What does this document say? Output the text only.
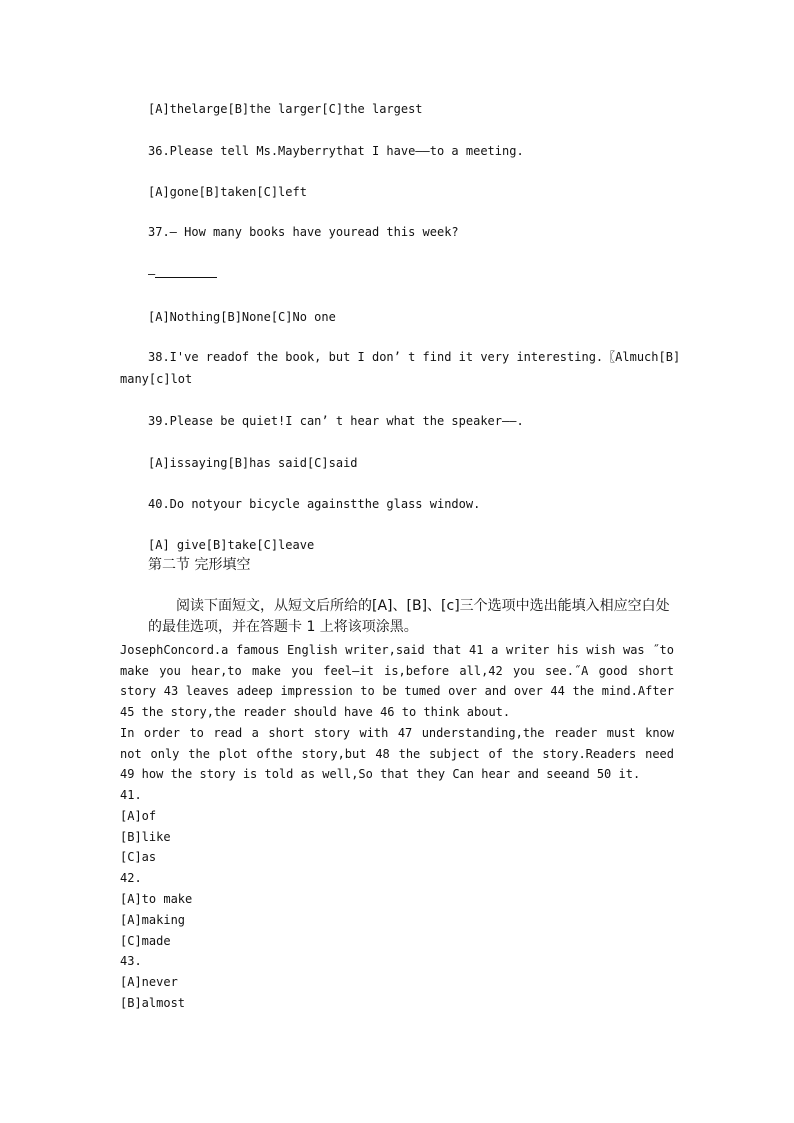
[A]thelarge[B]the larger[C]the largest
36.Please tell Ms.Mayberrythat I have——to a meeting.
[A]gone[B]taken[C]left
37.— How many books have youread this week?
—
[A]Nothing[B]None[C]No one
38.I've readof the book, but I don’ t find it very interesting.〖Almuch[B]
many[c]lot
39.Please be quiet!I can’ t hear what the speaker——.
[A]issaying[B]has said[C]said
40.Do notyour bicycle againstthe glass window.
[A] give[B]take[C]leave
第二节 完形填空
阅读下面短文，从短文后所给的[A]、[B]、[c]三个选项中选出能填入相应空白处的最佳选项，并在答题卡 1 上将该项涂黑。
JosephConcord.a famous English writer,said that 41 a writer his wish was ˝to make you hear,to make you feel—it is,before all,42 you see.˝A good short story 43 leaves adeep impression to be tumed over and over 44 the mind.After 45 the story,the reader should have 46 to think about.
In order to read a short story with 47 understanding,the reader must know not only the plot ofthe story,but 48 the subject of the story.Readers need 49 how the story is told as well,So that they Can hear and seeand 50 it.
41.
[A]of
[B]like
[C]as
42.
[A]to make
[A]making
[C]made
43.
[A]never
[B]almost
